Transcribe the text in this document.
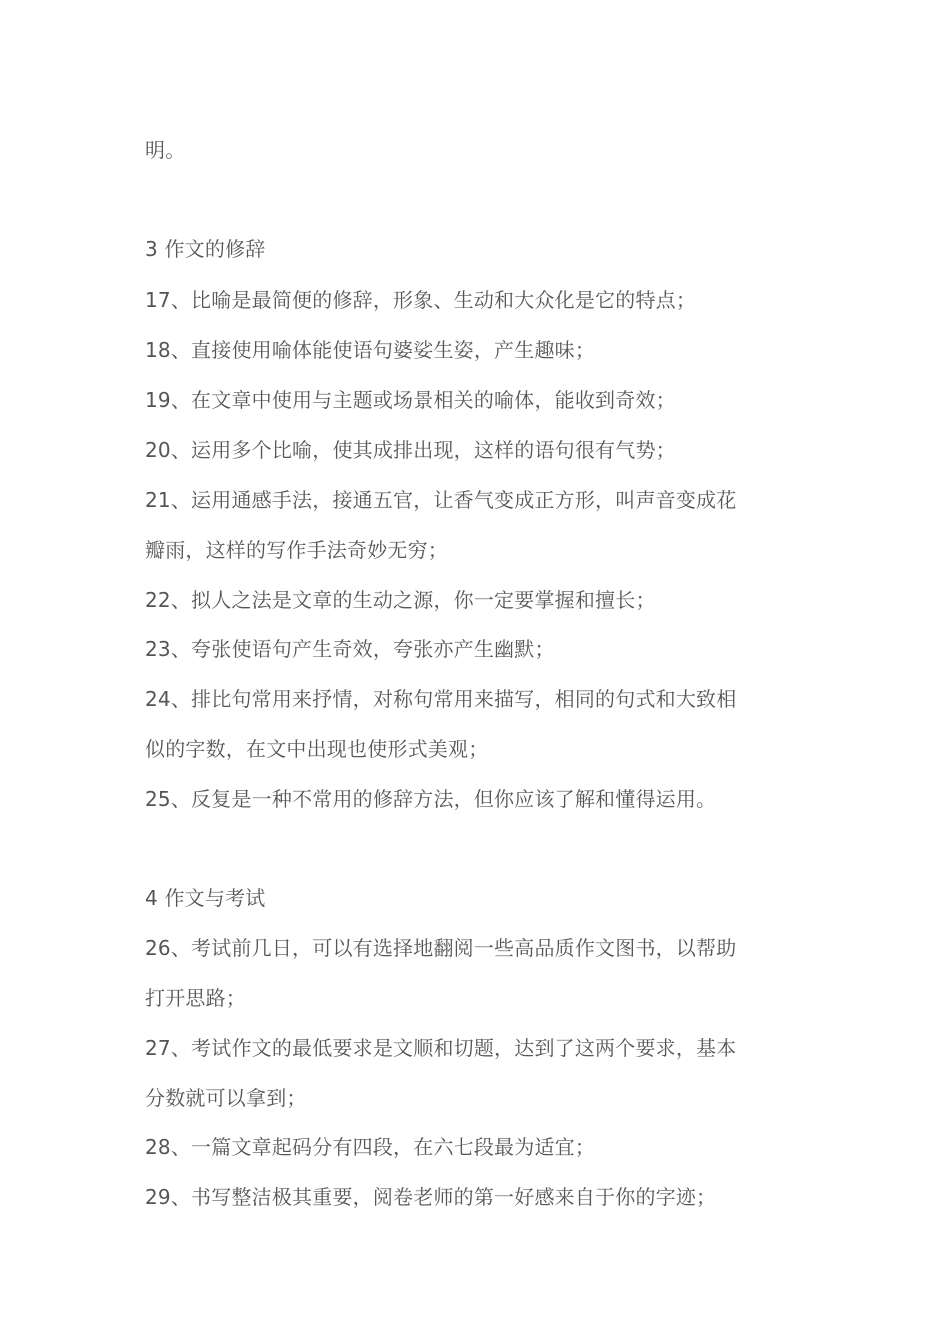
明。
3 作文的修辞
17、比喻是最简便的修辞，形象、生动和大众化是它的特点；
18、直接使用喻体能使语句婆娑生姿，产生趣味；
19、在文章中使用与主题或场景相关的喻体，能收到奇效；
20、运用多个比喻，使其成排出现，这样的语句很有气势；
21、运用通感手法，接通五官，让香气变成正方形，叫声音变成花
瓣雨，这样的写作手法奇妙无穷；
22、拟人之法是文章的生动之源，你一定要掌握和擅长；
23、夸张使语句产生奇效，夸张亦产生幽默；
24、排比句常用来抒情，对称句常用来描写，相同的句式和大致相
似的字数，在文中出现也使形式美观；
25、反复是一种不常用的修辞方法，但你应该了解和懂得运用。
4 作文与考试
26、考试前几日，可以有选择地翻阅一些高品质作文图书，以帮助
打开思路；
27、考试作文的最低要求是文顺和切题，达到了这两个要求，基本
分数就可以拿到；
28、一篇文章起码分有四段，在六七段最为适宜；
29、书写整洁极其重要，阅卷老师的第一好感来自于你的字迹；
